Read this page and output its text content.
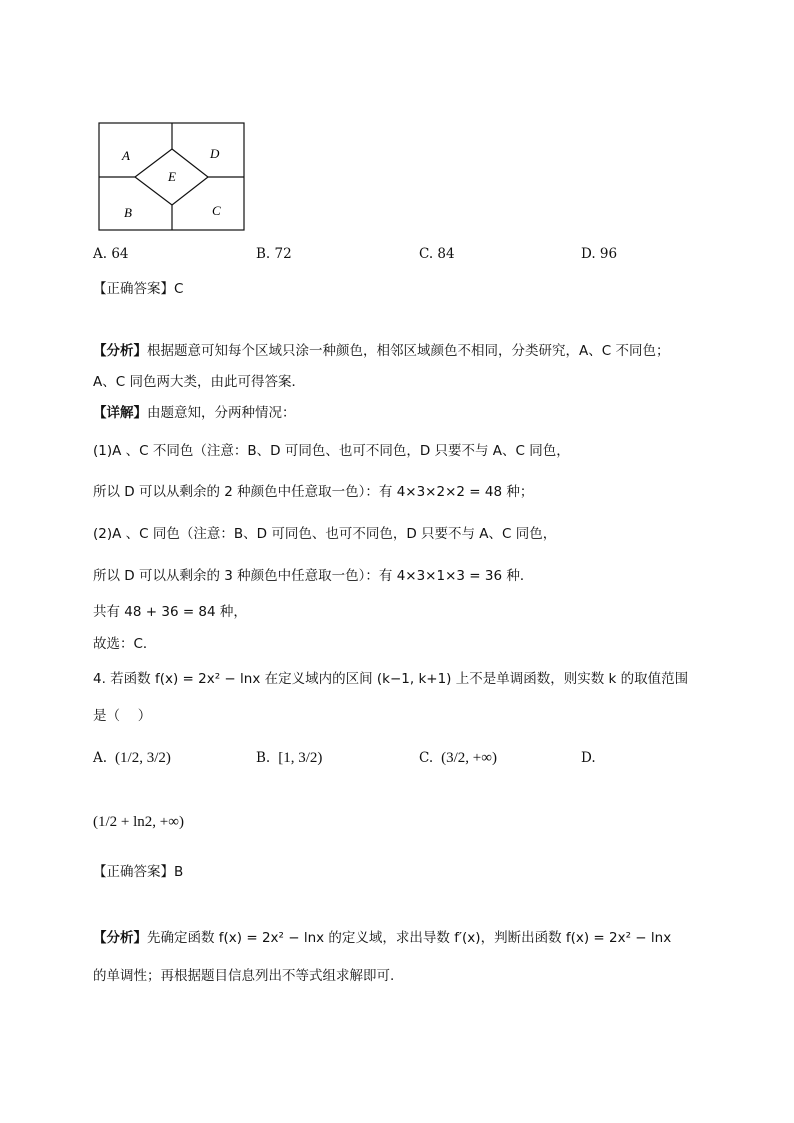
A	D
E
B	C
A. 64	B. 72	C. 84	D. 96
【正确答案】C
【分析】根据题意可知每个区域只涂一种颜色，相邻区域颜色不相同，分类研究，A、C 不同色；
A、C 同色两大类，由此可得答案．
【详解】由题意知，分两种情况：
(1)A 、C 不同色（注意：B、D 可同色、也可不同色，D 只要不与 A、C 同色，
所以 D 可以从剩余的 2 种颜色中任意取一色）：有 4×3×2×2 = 48 种；
(2)A 、C 同色（注意：B、D 可同色、也可不同色，D 只要不与 A、C 同色，
所以 D 可以从剩余的 3 种颜色中任意取一色）：有 4×3×1×3 = 36 种．
共有 48 + 36 = 84 种，
故选：C．
4. 若函数 f(x) = 2x² − lnx 在定义域内的区间 (k−1, k+1) 上不是单调函数，则实数 k 的取值范围
是（　 ）
A. (1/2, 3/2)	B. [1, 3/2)	C. (3/2, +∞)	D.
(1/2 + ln2, +∞)
【正确答案】B
【分析】先确定函数 f(x) = 2x² − lnx 的定义域，求出导数 f′(x)，判断出函数 f(x) = 2x² − lnx
的单调性；再根据题目信息列出不等式组求解即可.
